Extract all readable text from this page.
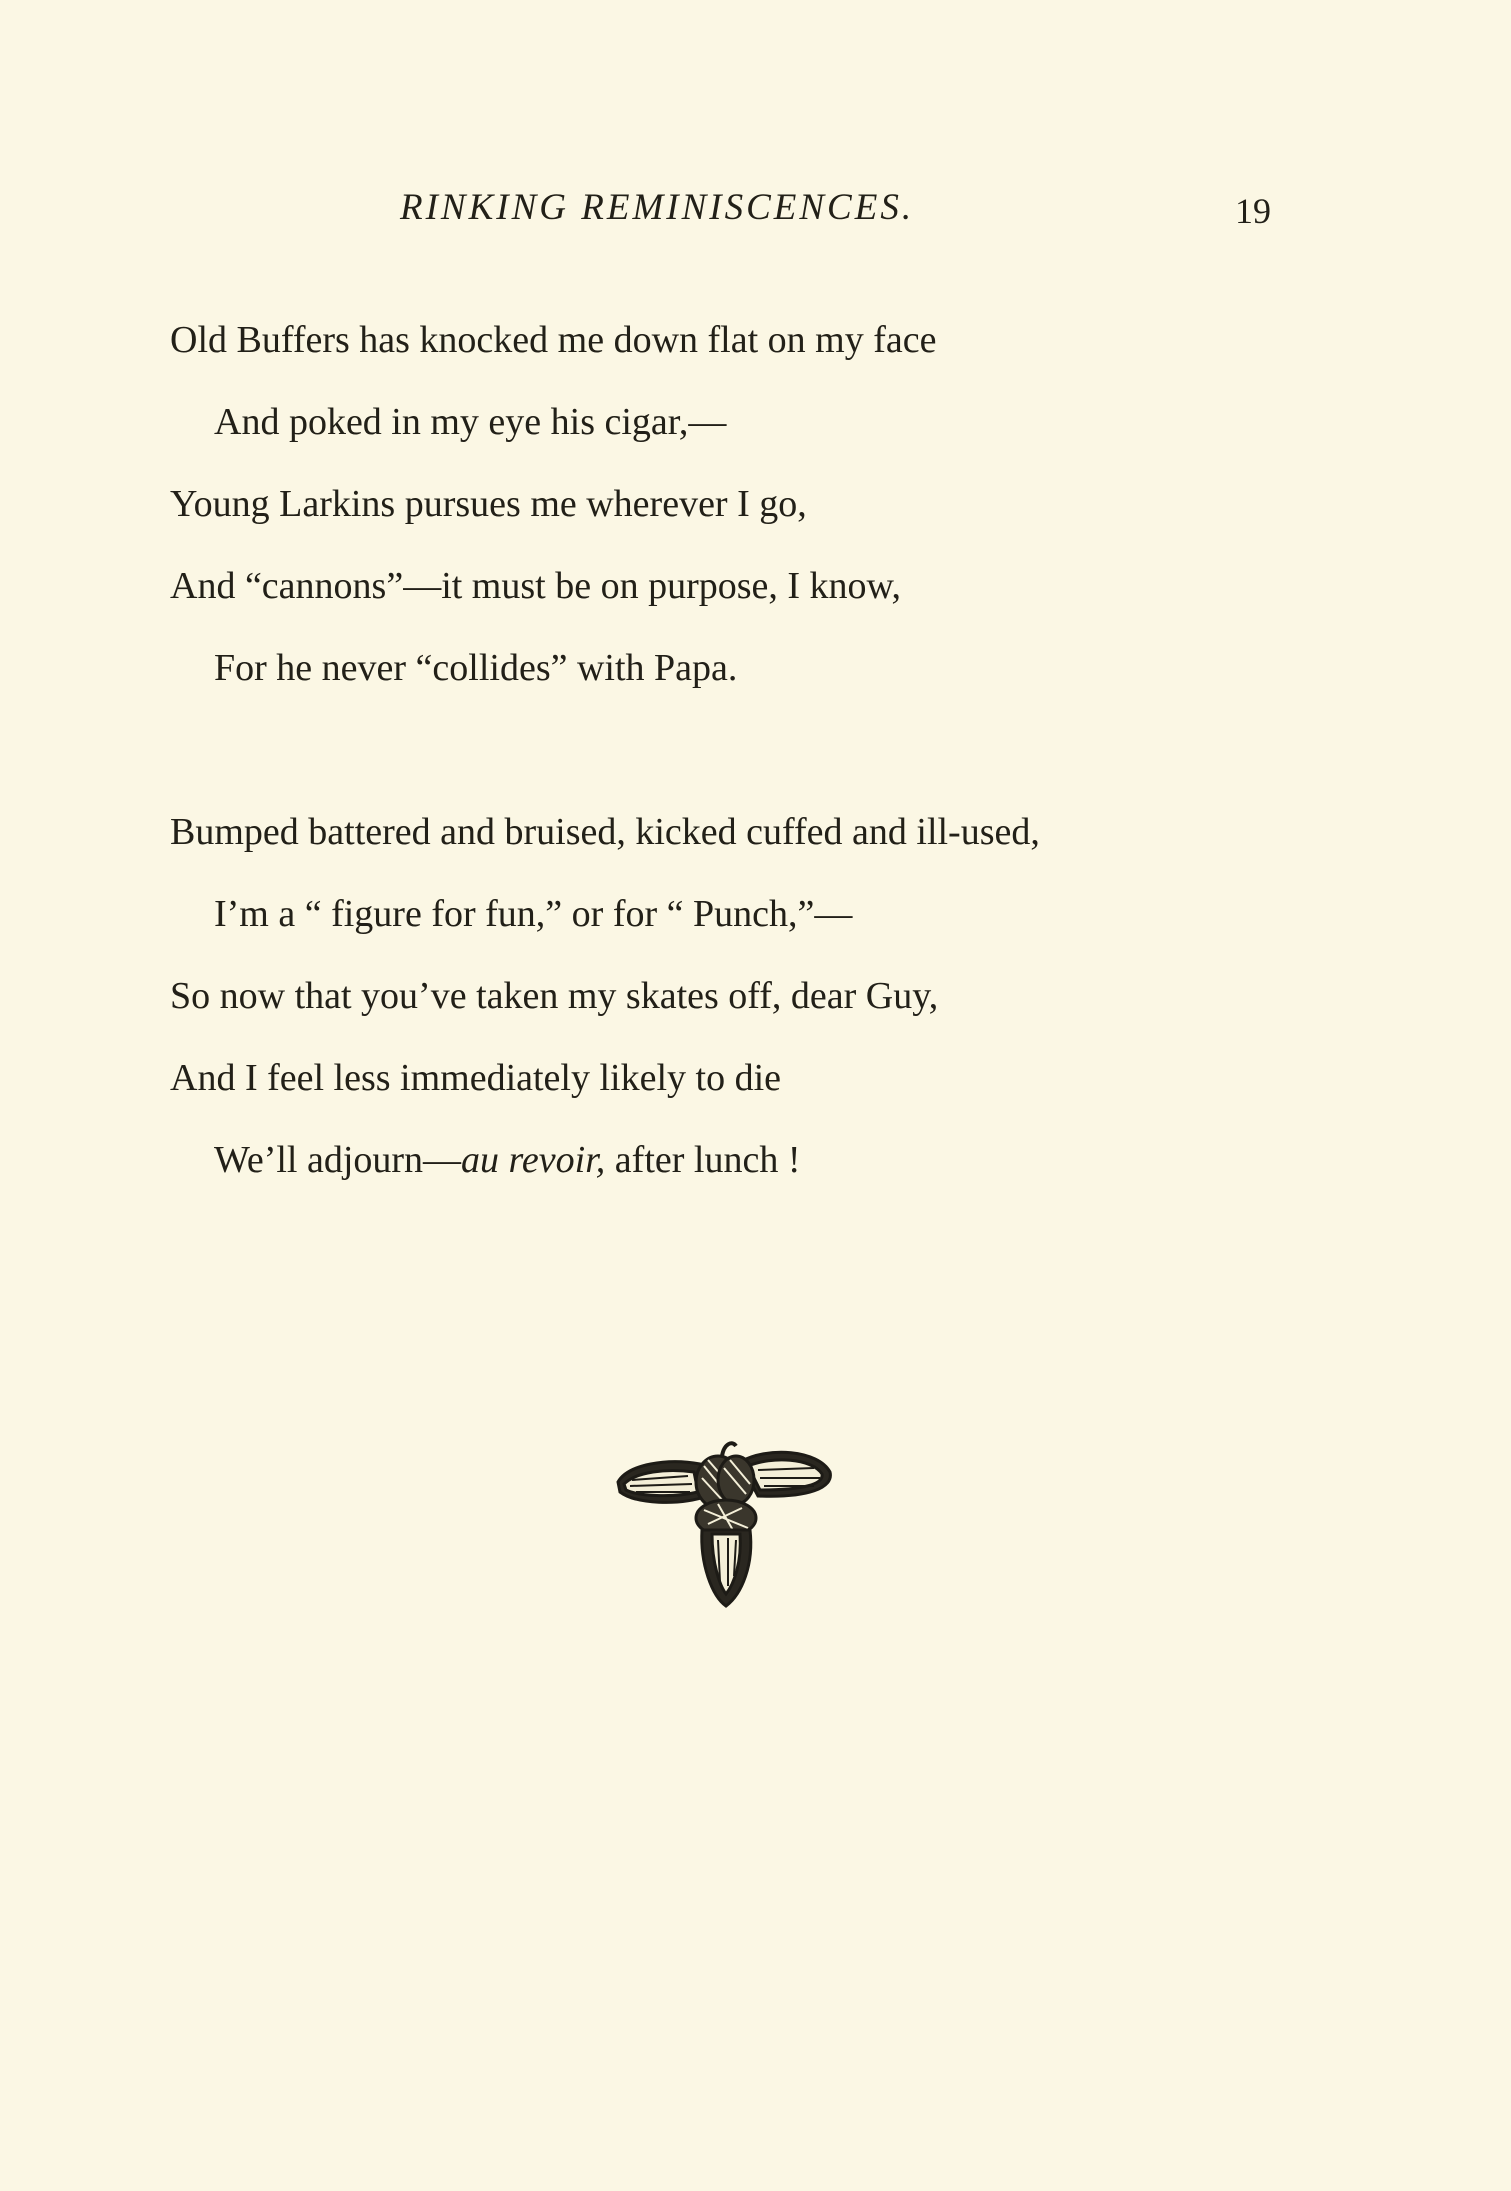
RINKING REMINISCENCES.	19
Old Buffers has knocked me down flat on my face
And poked in my eye his cigar,—
Young Larkins pursues me wherever I go,
And “cannons”—it must be on purpose, I know,
For he never “collides” with Papa.
Bumped battered and bruised, kicked cuffed and ill-used,
I’m a “ figure for fun,” or for “ Punch,”—
So now that you’ve taken my skates off, dear Guy,
And I feel less immediately likely to die
We’ll adjourn—au revoir, after lunch !
